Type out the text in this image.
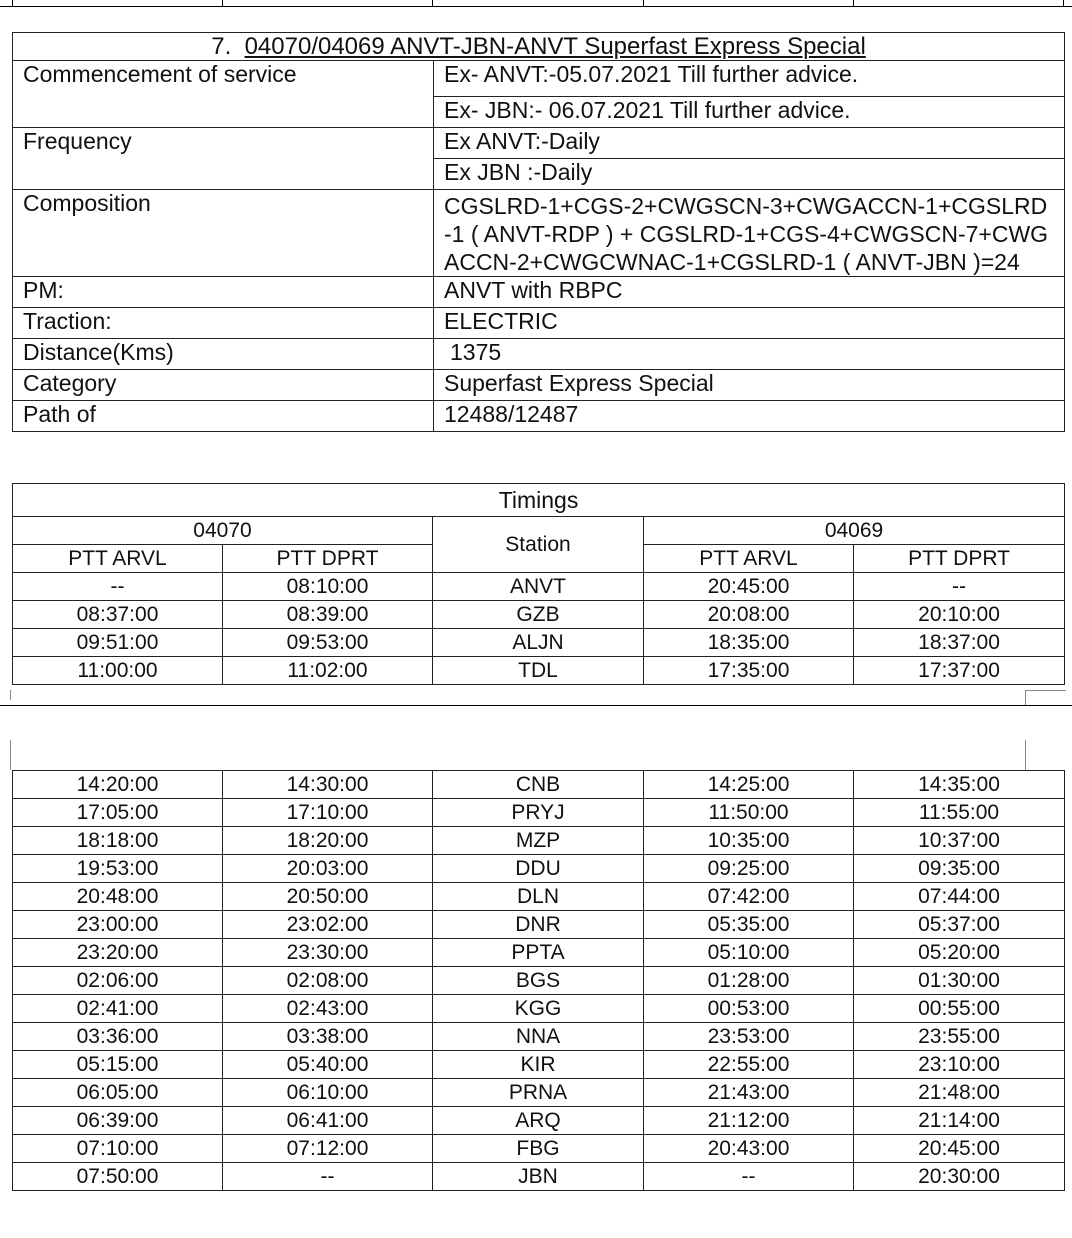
7. 04070/04069 ANVT-JBN-ANVT Superfast Express Special	
Commencement of service	Ex- ANVT:-05.07.2021 Till further advice.
	Ex- JBN:- 06.07.2021 Till further advice.
Frequency	Ex ANVT:-Daily
	Ex JBN :-Daily
Composition	CGSLRD-1+CGS-2+CWGSCN-3+CWGACCN-1+CGSLRD-1 ( ANVT-RDP ) + CGSLRD-1+CGS-4+CWGSCN-7+CWGACCN-2+CWGCWNAC-1+CGSLRD-1 ( ANVT-JBN )=24
PM:	ANVT with RBPC
Traction:	ELECTRIC
Distance(Kms)	1375
Category	Superfast Express Special
Path of	12488/12487
Timings				
04070		Station	04069	
PTT ARVL	PTT DPRT		PTT ARVL	PTT DPRT
--	08:10:00	ANVT	20:45:00	--
08:37:00	08:39:00	GZB	20:08:00	20:10:00
09:51:00	09:53:00	ALJN	18:35:00	18:37:00
11:00:00	11:02:00	TDL	17:35:00	17:37:00
14:20:00	14:30:00	CNB	14:25:00	14:35:00
17:05:00	17:10:00	PRYJ	11:50:00	11:55:00
18:18:00	18:20:00	MZP	10:35:00	10:37:00
19:53:00	20:03:00	DDU	09:25:00	09:35:00
20:48:00	20:50:00	DLN	07:42:00	07:44:00
23:00:00	23:02:00	DNR	05:35:00	05:37:00
23:20:00	23:30:00	PPTA	05:10:00	05:20:00
02:06:00	02:08:00	BGS	01:28:00	01:30:00
02:41:00	02:43:00	KGG	00:53:00	00:55:00
03:36:00	03:38:00	NNA	23:53:00	23:55:00
05:15:00	05:40:00	KIR	22:55:00	23:10:00
06:05:00	06:10:00	PRNA	21:43:00	21:48:00
06:39:00	06:41:00	ARQ	21:12:00	21:14:00
07:10:00	07:12:00	FBG	20:43:00	20:45:00
07:50:00	--	JBN	--	20:30:00
